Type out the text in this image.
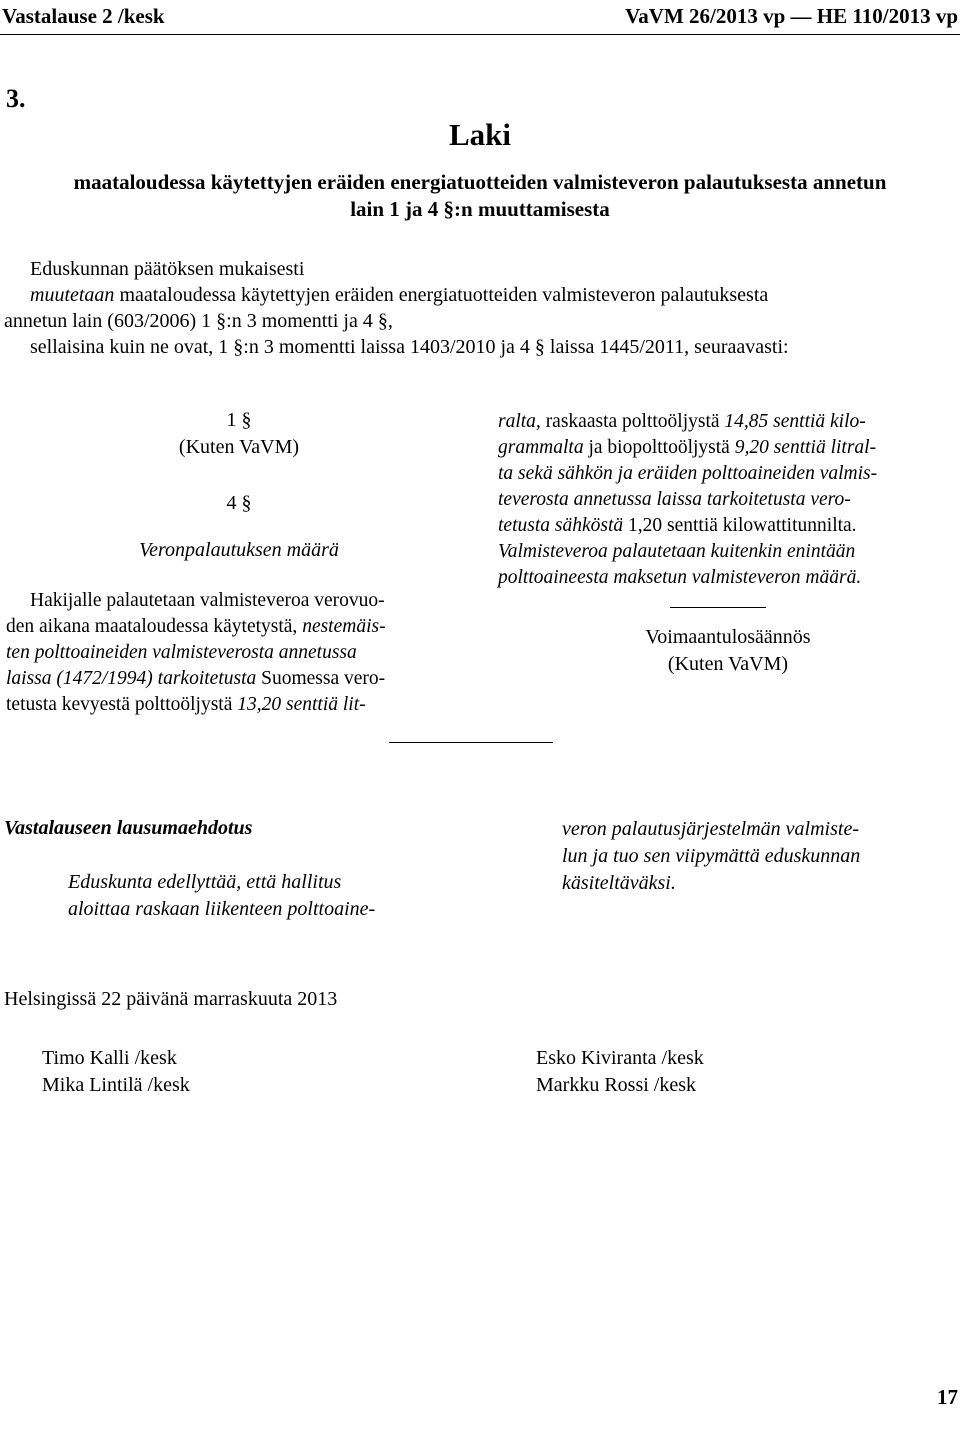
Vastalause 2 /kesk	VaVM 26/2013 vp — HE 110/2013 vp
3.
Laki
maataloudessa käytettyjen eräiden energiatuotteiden valmisteveron palautuksesta annetun
lain 1 ja 4 §:n muuttamisesta
Eduskunnan päätöksen mukaisesti
muutetaan maataloudessa käytettyjen eräiden energiatuotteiden valmisteveron palautuksesta
annetun lain (603/2006) 1 §:n 3 momentti ja 4 §,
sellaisina kuin ne ovat, 1 §:n 3 momentti laissa 1403/2010 ja 4 § laissa 1445/2011, seuraavasti:
1 §
(Kuten VaVM)
4 §
Veronpalautuksen määrä
Hakijalle palautetaan valmisteveroa verovuo-
den aikana maataloudessa käytetystä, nestemäis-
ten polttoaineiden valmisteverosta annetussa
laissa (1472/1994) tarkoitetusta Suomessa vero-
tetusta kevyestä polttoöljystä 13,20 senttiä lit-
ralta, raskaasta polttoöljystä 14,85 senttiä kilo-
grammalta ja biopolttoöljystä 9,20 senttiä litral-
ta sekä sähkön ja eräiden polttoaineiden valmis-
teverosta annetussa laissa tarkoitetusta vero-
tetusta sähköstä 1,20 senttiä kilowattitunnilta.
Valmisteveroa palautetaan kuitenkin enintään
polttoaineesta maksetun valmisteveron määrä.
Voimaantulosäännös
(Kuten VaVM)
Vastalauseen lausumaehdotus
Eduskunta edellyttää, että hallitus
aloittaa raskaan liikenteen polttoaine-
veron palautusjärjestelmän valmiste-
lun ja tuo sen viipymättä eduskunnan
käsiteltäväksi.
Helsingissä 22 päivänä marraskuuta 2013
Timo Kalli /kesk
Mika Lintilä /kesk
Esko Kiviranta /kesk
Markku Rossi /kesk
17
